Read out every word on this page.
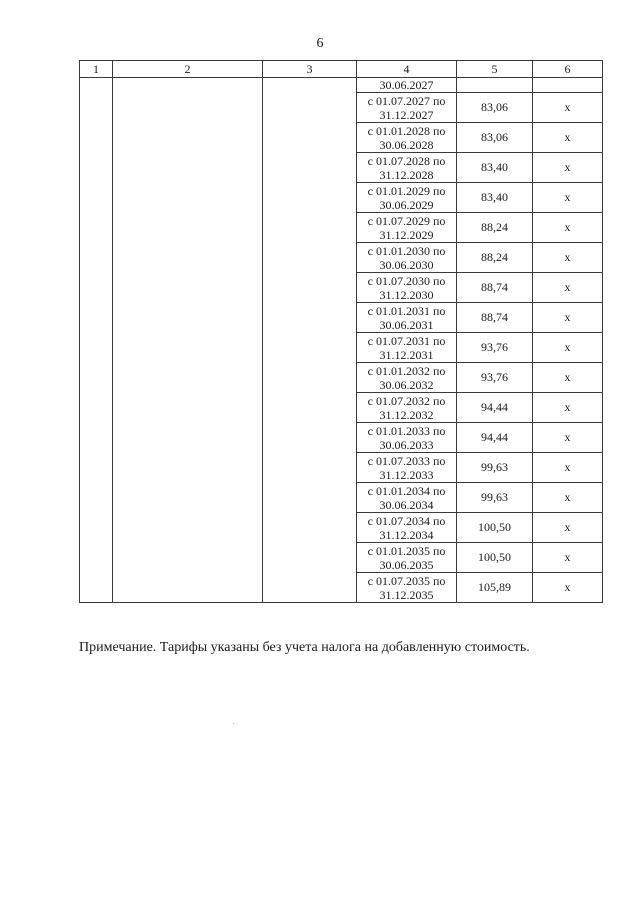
6
1	2	3	4	5	6
			30.06.2027		

			с 01.07.2027 по
31.12.2027	83,06	х

			с 01.01.2028 по
30.06.2028	83,06	х

			с 01.07.2028 по
31.12.2028	83,40	х

			с 01.01.2029 по
30.06.2029	83,40	х

			с 01.07.2029 по
31.12.2029	88,24	х

			с 01.01.2030 по
30.06.2030	88,24	х

			с 01.07.2030 по
31.12.2030	88,74	х

			с 01.01.2031 по
30.06.2031	88,74	х

			с 01.07.2031 по
31.12.2031	93,76	х

			с 01.01.2032 по
30.06.2032	93,76	х

			с 01.07.2032 по
31.12.2032	94,44	х

			с 01.01.2033 по
30.06.2033	94,44	х

			с 01.07.2033 по
31.12.2033	99,63	х

			с 01.01.2034 по
30.06.2034	99,63	х

			с 01.07.2034 по
31.12.2034	100,50	х

			с 01.01.2035 по
30.06.2035	100,50	х

			с 01.07.2035 по
31.12.2035	105,89	х
Примечание. Тарифы указаны без учета налога на добавленную стоимость.
